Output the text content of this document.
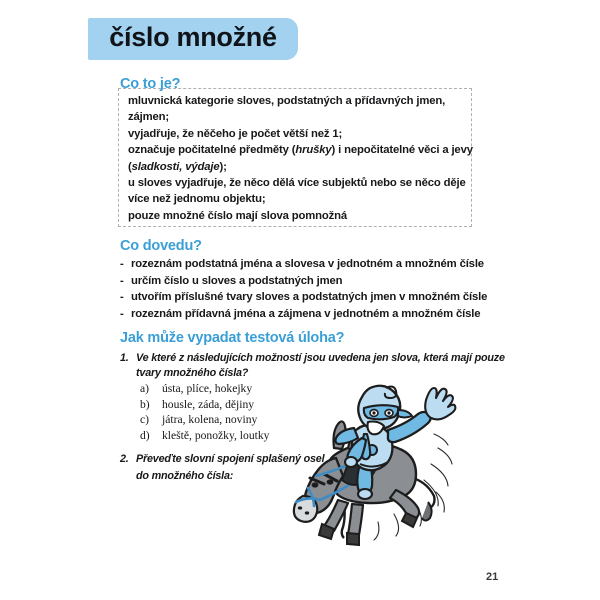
číslo množné
Co to je?
mluvnická kategorie sloves, podstatných a přídavných jmen,
zájmen;
vyjadřuje, že něčeho je počet větší než 1;
označuje počitatelné předměty (hrušky) i nepočitatelné věci a jevy
(sladkosti, výdaje);
u sloves vyjadřuje, že něco dělá více subjektů nebo se něco děje
více než jednomu objektu;
pouze množné číslo mají slova pomnožná
Co dovedu?
- rozeznám podstatná jména a slovesa v jednotném a množném čísle
- určím číslo u sloves a podstatných jmen
- utvořím příslušné tvary sloves a podstatných jmen v množném čísle
- rozeznám přídavná jména a zájmena v jednotném a množném čísle
Jak může vypadat testová úloha?
1. Ve které z následujících možností jsou uvedena jen slova, která mají pouze
tvary množného čísla?
a)	ústa, plíce, hokejky
b)	housle, záda, dějiny
c)	játra, kolena, noviny
d)	kleště, ponožky, loutky
2. Převeďte slovní spojení splašený osel
do množného čísla:
21
